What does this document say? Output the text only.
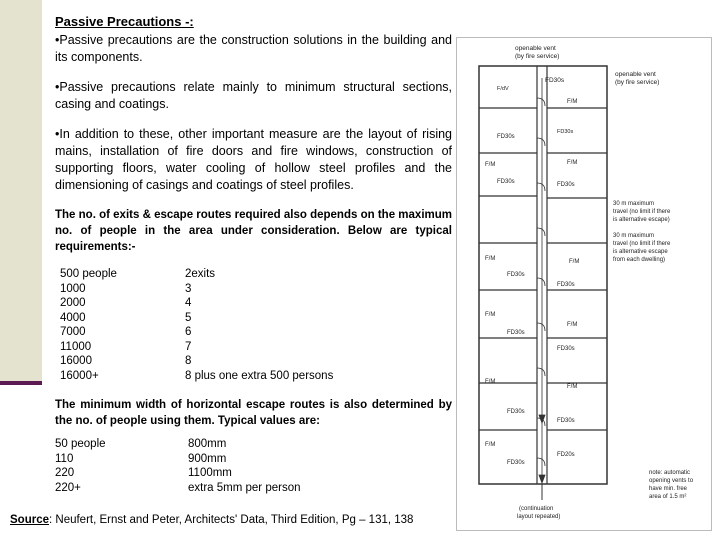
Passive Precautions -:

•Passive precautions are the construction solutions in the building and its components.

•Passive precautions relate mainly to minimum structural sections, casing and coatings.

•In addition to these, other important measure are the layout of rising mains, installation of fire doors and fire windows, construction of supporting floors, water cooling of hollow steel profiles and the dimensioning of casings and coatings of steel profiles.

The no. of exits & escape routes required also depends on the maximum no. of people in the area under consideration. Below are typical requirements:-

500 people	2exits
1000	3
2000	4
4000	5
7000	6
11000	7
16000	8
16000+	8 plus one extra 500 persons

The minimum width of horizontal escape routes is also determined by the no. of people using them. Typical values are:

50 people	800mm
110	900mm
220	1100mm
220+	extra 5mm per person
Source: Neufert, Ernst and Peter, Architects' Data, Third Edition, Pg – 131, 138
openable vent
(by fire service)
openable vent
(by fire service)
FD30s
F/dV
F/M
FD30s
FD30s
F/M	F/M
FD30s	FD30s
F/M	F/M
FD30s
FD30s
F/M
F/M
FD30s
FD30s
F/M
F/M
FD30s
FD30s
F/M
FD20s
FD30s
30 m maximum
travel (no limit if there
is alternative escape)
30 m maximum
travel (no limit if there
is alternative escape
from each dwelling)
note: automatic
opening vents to
have min. free
area of 1.5 m²
(continuation
layout repeated)
